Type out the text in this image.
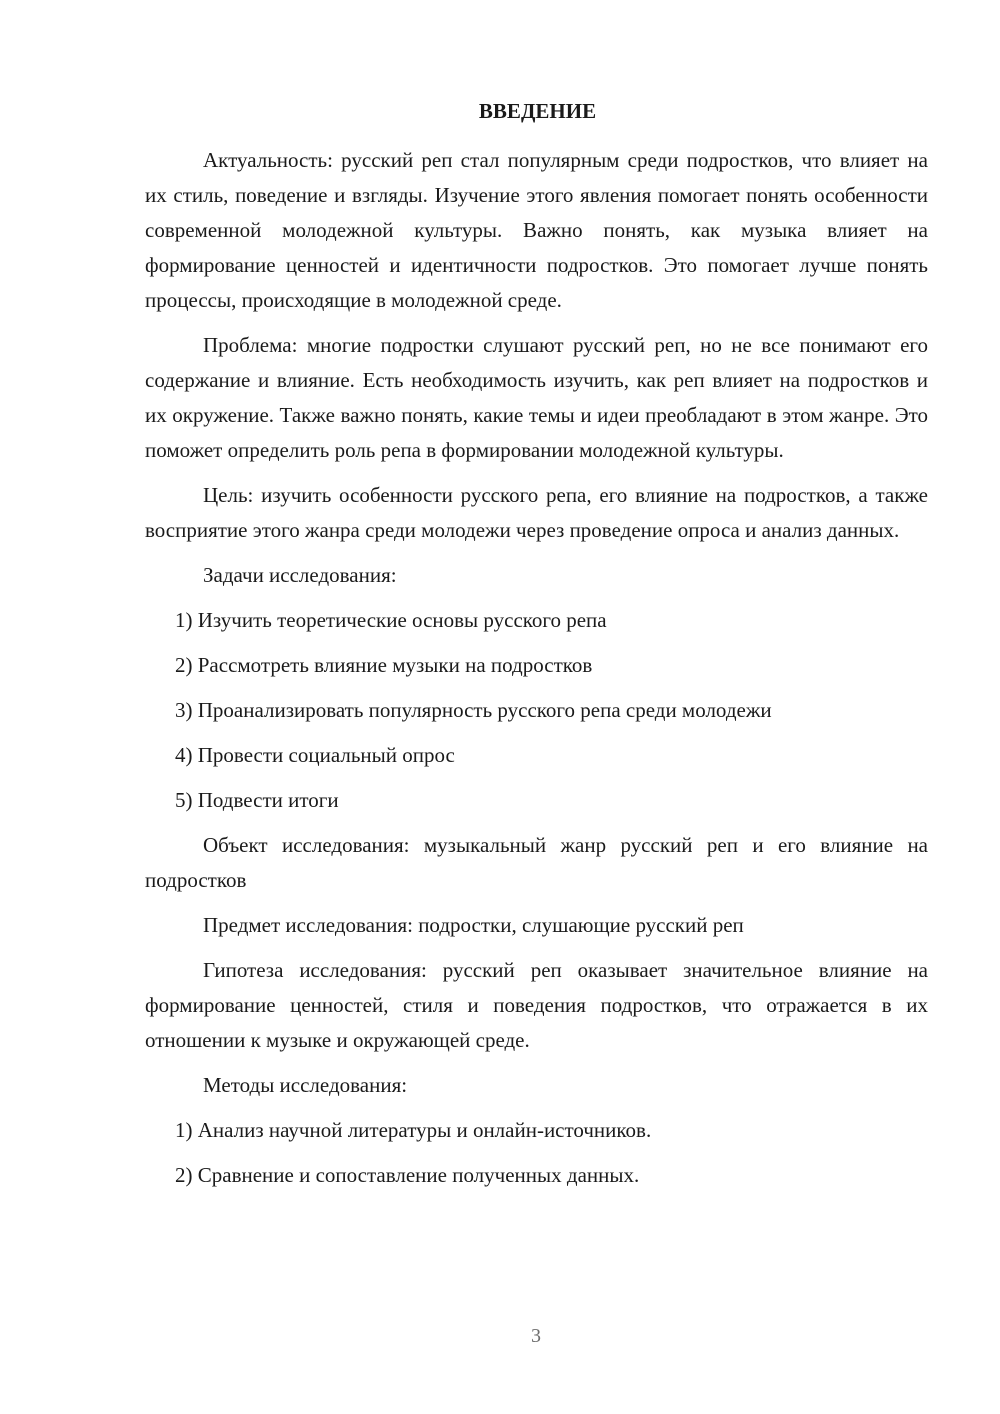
ВВЕДЕНИЕ

Актуальность: русский реп стал популярным среди подростков, что влияет на их стиль, поведение и взгляды. Изучение этого явления помогает понять особенности современной молодежной культуры. Важно понять, как музыка влияет на формирование ценностей и идентичности подростков. Это помогает лучше понять процессы, происходящие в молодежной среде.

Проблема: многие подростки слушают русский реп, но не все понимают его содержание и влияние. Есть необходимость изучить, как реп влияет на подростков и их окружение. Также важно понять, какие темы и идеи преобладают в этом жанре. Это поможет определить роль репа в формировании молодежной культуры.

Цель: изучить особенности русского репа, его влияние на подростков, а также восприятие этого жанра среди молодежи через проведение опроса и анализ данных.

Задачи исследования:

1) Изучить теоретические основы русского репа
2) Рассмотреть влияние музыки на подростков
3) Проанализировать популярность русского репа среди молодежи
4) Провести социальный опрос
5) Подвести итоги

Объект исследования: музыкальный жанр русский реп и его влияние на подростков

Предмет исследования: подростки, слушающие русский реп

Гипотеза исследования: русский реп оказывает значительное влияние на формирование ценностей, стиля и поведения подростков, что отражается в их отношении к музыке и окружающей среде.

Методы исследования:

1) Анализ научной литературы и онлайн-источников.
2) Сравнение и сопоставление полученных данных.
3
